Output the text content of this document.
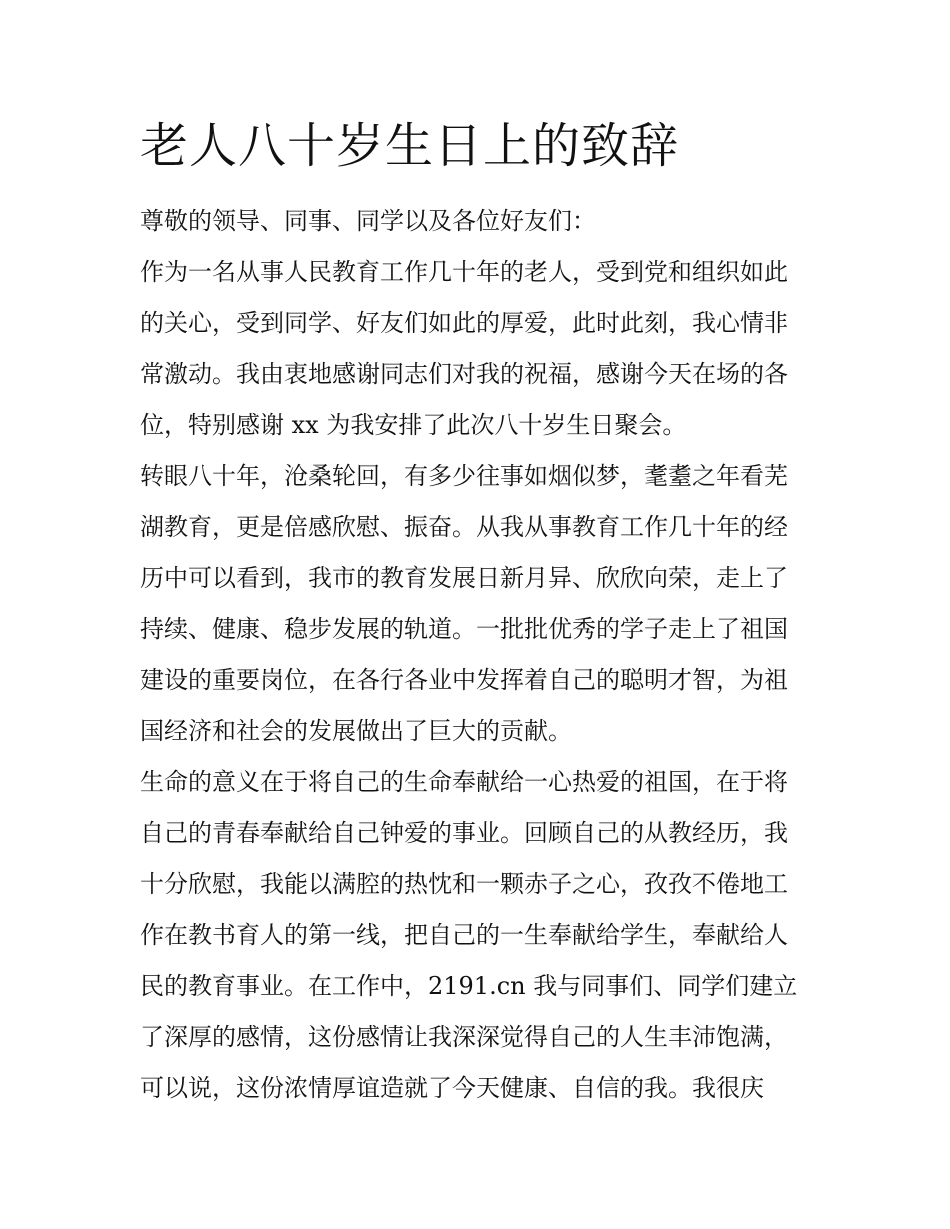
老人八十岁生日上的致辞
尊敬的领导、同事、同学以及各位好友们：
作为一名从事人民教育工作几十年的老人，受到党和组织如此
的关心，受到同学、好友们如此的厚爱，此时此刻，我心情非
常激动。我由衷地感谢同志们对我的祝福，感谢今天在场的各
位，特别感谢 xx 为我安排了此次八十岁生日聚会。
转眼八十年，沧桑轮回，有多少往事如烟似梦，耄耋之年看芜
湖教育，更是倍感欣慰、振奋。从我从事教育工作几十年的经
历中可以看到，我市的教育发展日新月异、欣欣向荣，走上了
持续、健康、稳步发展的轨道。一批批优秀的学子走上了祖国
建设的重要岗位，在各行各业中发挥着自己的聪明才智，为祖
国经济和社会的发展做出了巨大的贡献。
生命的意义在于将自己的生命奉献给一心热爱的祖国，在于将
自己的青春奉献给自己钟爱的事业。回顾自己的从教经历，我
十分欣慰，我能以满腔的热忱和一颗赤子之心，孜孜不倦地工
作在教书育人的第一线，把自己的一生奉献给学生，奉献给人
民的教育事业。在工作中，2191.cn 我与同事们、同学们建立
了深厚的感情，这份感情让我深深觉得自己的人生丰沛饱满，
可以说，这份浓情厚谊造就了今天健康、自信的我。我很庆
